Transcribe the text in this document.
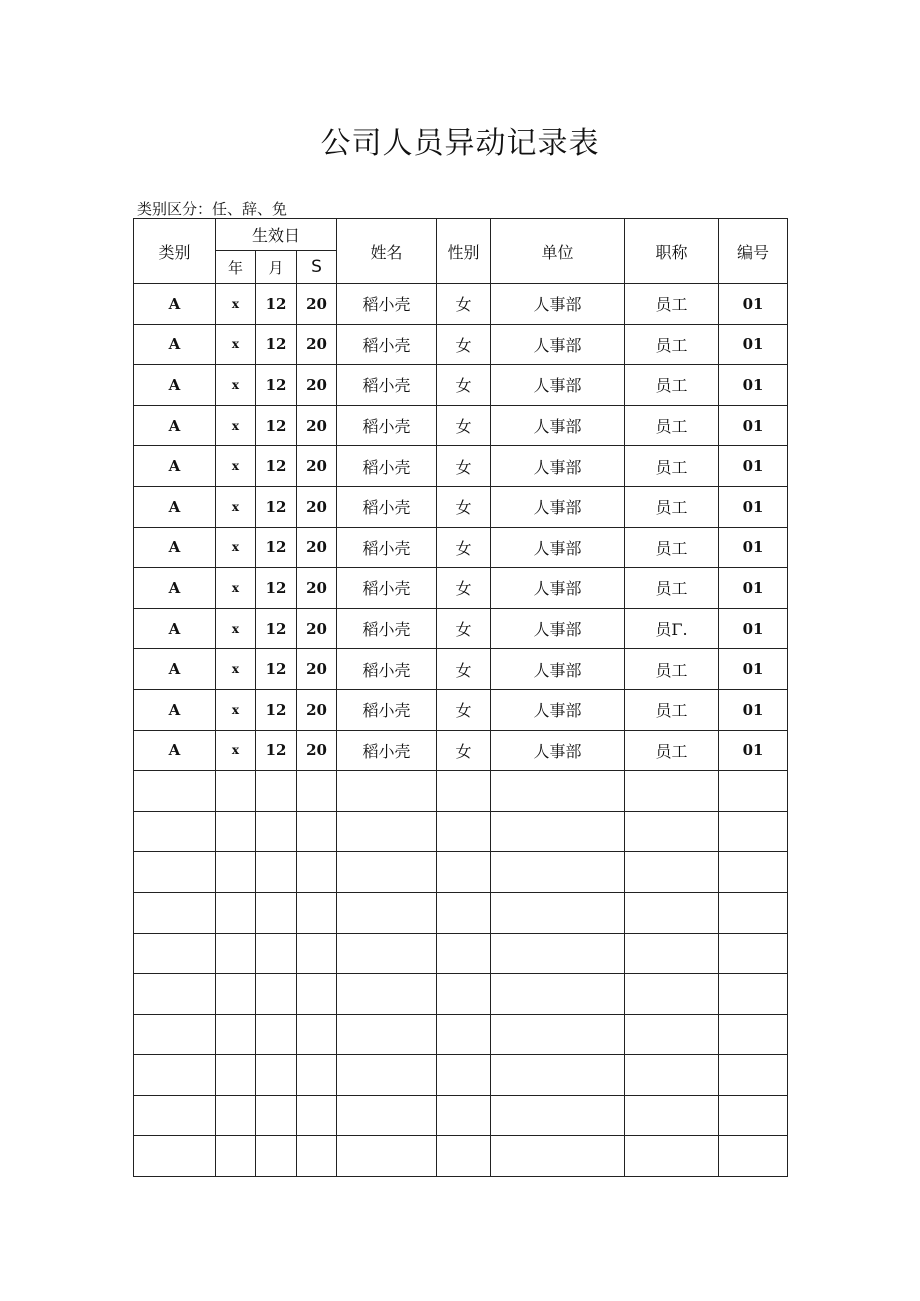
公司人员异动记录表
类别区分：任、辞、免
类别	生效日			姓名	性别	单位	职称	编号
	年	月	S					
A	x	12	20	稻小壳	女	人事部	员工	01
A	x	12	20	稻小壳	女	人事部	员工	01
A	x	12	20	稻小壳	女	人事部	员工	01
A	x	12	20	稻小壳	女	人事部	员工	01
A	x	12	20	稻小壳	女	人事部	员工	01
A	x	12	20	稻小壳	女	人事部	员工	01
A	x	12	20	稻小壳	女	人事部	员工	01
A	x	12	20	稻小壳	女	人事部	员工	01
A	x	12	20	稻小壳	女	人事部	员Γ.	01
A	x	12	20	稻小壳	女	人事部	员工	01
A	x	12	20	稻小壳	女	人事部	员工	01
A	x	12	20	稻小壳	女	人事部	员工	01
